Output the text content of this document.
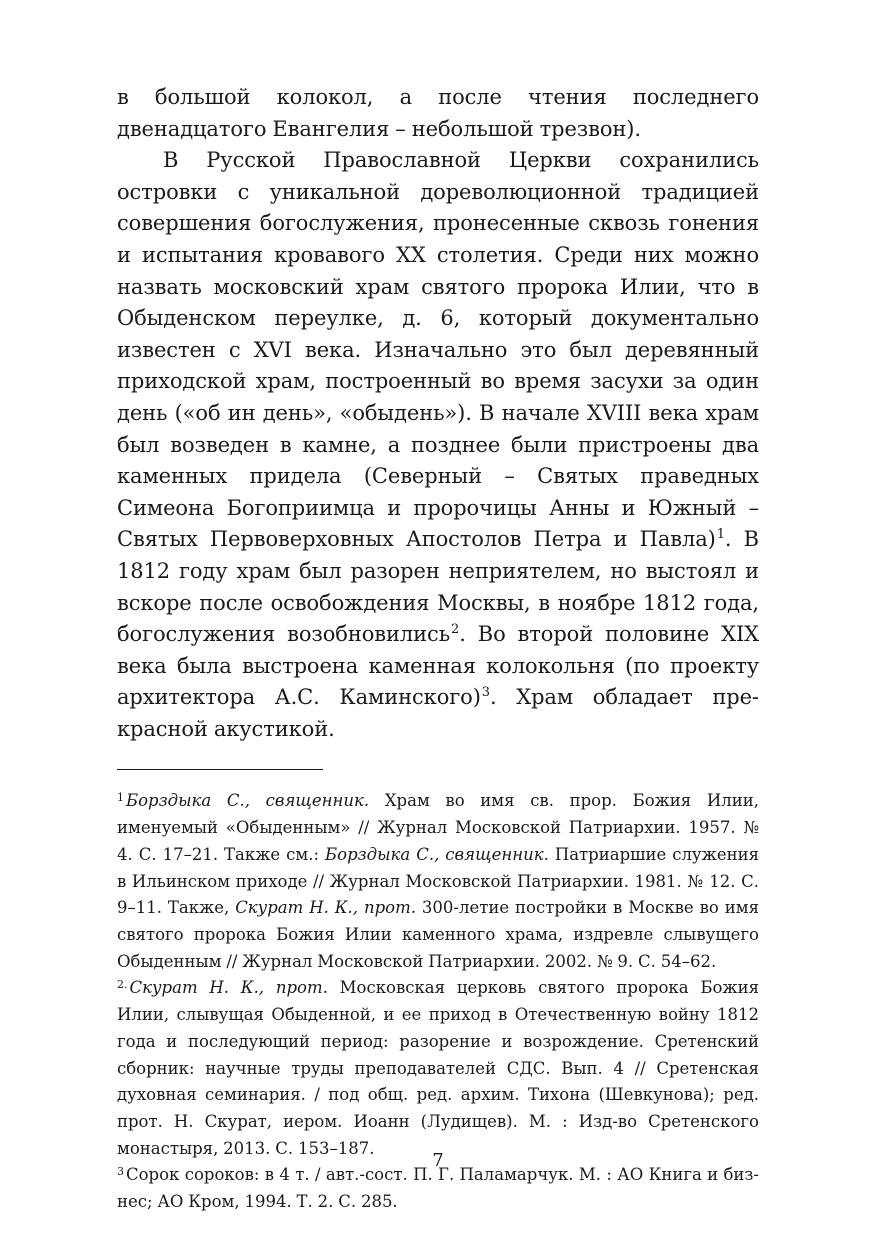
в большой колокол, а после чтения последнего двенадцатого Евангелия – небольшой трезвон).

В Русской Православной Церкви сохранились островки с уникальной дореволюционной традицией совершения богослужения, пронесенные сквозь гонения и испытания кровавого XX столетия. Среди них можно назвать московский храм святого пророка Илии, что в Обыденском переулке, д. 6, который документально известен с XVI века. Изначально это был деревянный приходской храм, построенный во время засухи за один день («об ин день», «обыдень»). В начале XVIII века храм был возведен в камне, а позднее были пристроены два каменных придела (Северный – Святых праведных Симеона Богоприимца и пророчицы Анны и Южный – Святых Первоверховных Апостолов Петра и Павла)$^1$. В 1812 году храм был разорен неприятелем, но выстоял и вскоре после освобождения Москвы, в ноябре 1812 года, богослужения возобновились$^2$. Во второй половине XIX века была выстроена каменная колокольня (по проекту архитектора А.С. Каминского)$^3$. Храм обладает прекрасной акустикой.

$^1$ Борздыка С., священник. Храм во имя св. прор. Божия Илии, именуемый «Обыденным» // Журнал Московской Патриархии. 1957. № 4. С. 17–21. Также см.: Борздыка С., священник. Патриаршие служения в Ильинском приходе // Журнал Московской Патриархии. 1981. № 12. С. 9–11. Также, Скурат Н. К., прот. 300-летие постройки в Москве во имя святого пророка Божия Илии каменного храма, издревле слывущего Обыденным // Журнал Московской Патриархии. 2002. № 9. С. 54–62.

$^{2.}$ Скурат Н. К., прот. Московская церковь святого пророка Божия Илии, слывущая Обыденной, и ее приход в Отечественную войну 1812 года и последующий период: разорение и возрождение. Сретенский сборник: научные труды преподавателей СДС. Вып. 4 // Сретенская духовная семинария. / под общ. ред. архим. Тихона (Шевкунова); ред. прот. Н. Скурат, иером. Иоанн (Лудищев). М. : Изд-во Сретенского монастыря, 2013. С. 153–187.

$^3$ Сорок сороков: в 4 т. / авт.-сост. П. Г. Паламарчук. М. : АО Книга и бизнес; АО Кром, 1994. Т. 2. С. 285.

7
